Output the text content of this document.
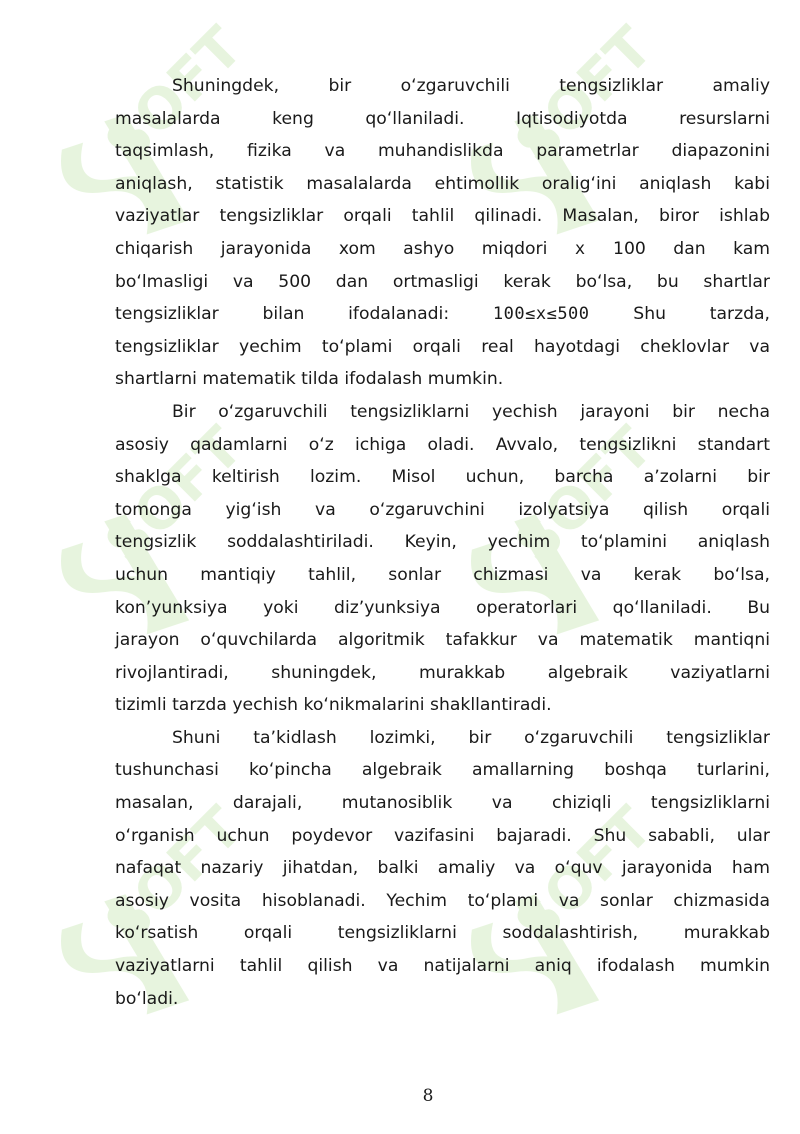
SOFT	SOFT
SOFT	SOFT
SOFT	SOFT

Shuningdek, bir oʻzgaruvchili tengsizliklar amaliy
masalalarda keng qoʻllaniladi. Iqtisodiyotda resurslarni
taqsimlash, fizika va muhandislikda parametrlar diapazonini
aniqlash, statistik masalalarda ehtimollik oraligʻini aniqlash kabi
vaziyatlar tengsizliklar orqali tahlil qilinadi. Masalan, biror ishlab
chiqarish jarayonida xom ashyo miqdori x 100 dan kam
boʻlmasligi va 500 dan ortmasligi kerak boʻlsa, bu shartlar
tengsizliklar bilan ifodalanadi:	100≤x≤500	Shu tarzda,
tengsizliklar yechim toʻplami orqali real hayotdagi cheklovlar va
shartlarni matematik tilda ifodalash mumkin.

Bir oʻzgaruvchili tengsizliklarni yechish jarayoni bir necha
asosiy qadamlarni oʻz ichiga oladi. Avvalo, tengsizlikni standart
shaklga keltirish lozim. Misol uchun, barcha aʼzolarni bir
tomonga yigʻish va oʻzgaruvchini izolyatsiya qilish orqali
tengsizlik soddalashtiriladi. Keyin, yechim toʻplamini aniqlash
uchun mantiqiy tahlil, sonlar chizmasi va kerak boʻlsa,
konʼyunksiya yoki dizʼyunksiya operatorlari qoʻllaniladi. Bu
jarayon oʻquvchilarda algoritmik tafakkur va matematik mantiqni
rivojlantiradi, shuningdek, murakkab algebraik vaziyatlarni
tizimli tarzda yechish koʻnikmalarini shakllantiradi.

Shuni taʼkidlash lozimki, bir oʻzgaruvchili tengsizliklar
tushunchasi koʻpincha algebraik amallarning boshqa turlarini,
masalan, darajali, mutanosiblik va chiziqli tengsizliklarni
oʻrganish uchun poydevor vazifasini bajaradi. Shu sababli, ular
nafaqat nazariy jihatdan, balki amaliy va oʻquv jarayonida ham
asosiy vosita hisoblanadi. Yechim toʻplami va sonlar chizmasida
koʻrsatish orqali tengsizliklarni soddalashtirish, murakkab
vaziyatlarni tahlil qilish va natijalarni aniq ifodalash mumkin
boʻladi.

8
